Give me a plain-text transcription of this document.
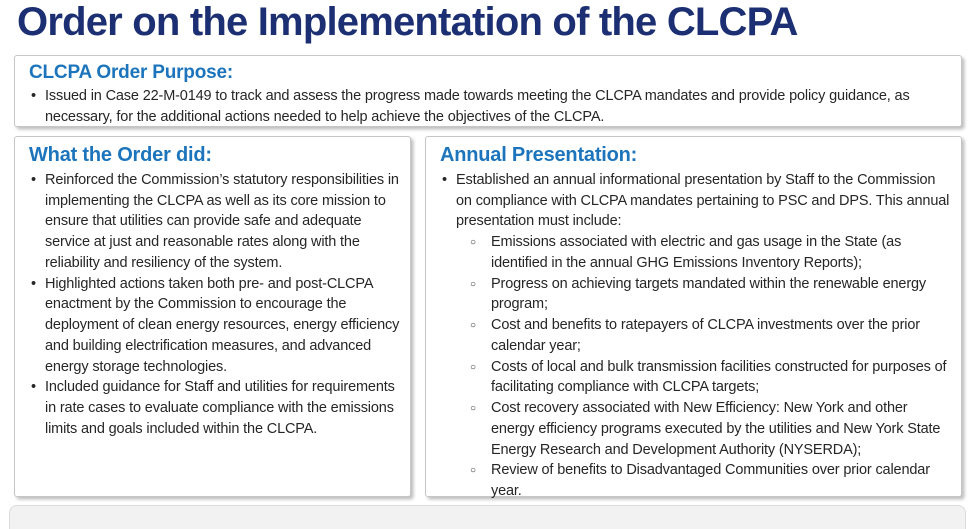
Order on the Implementation of the CLCPA
CLCPA Order Purpose:
• Issued in Case 22-M-0149 to track and assess the progress made towards meeting the CLCPA mandates and provide policy guidance, as necessary, for the additional actions needed to help achieve the objectives of the CLCPA.
What the Order did:
• Reinforced the Commission’s statutory responsibilities in implementing the CLCPA as well as its core mission to ensure that utilities can provide safe and adequate service at just and reasonable rates along with the reliability and resiliency of the system.
• Highlighted actions taken both pre- and post-CLCPA enactment by the Commission to encourage the deployment of clean energy resources, energy efficiency and building electrification measures, and advanced energy storage technologies.
• Included guidance for Staff and utilities for requirements in rate cases to evaluate compliance with the emissions limits and goals included within the CLCPA.
Annual Presentation:
• Established an annual informational presentation by Staff to the Commission on compliance with CLCPA mandates pertaining to PSC and DPS. This annual presentation must include:
○ Emissions associated with electric and gas usage in the State (as identified in the annual GHG Emissions Inventory Reports);
○ Progress on achieving targets mandated within the renewable energy program;
○ Cost and benefits to ratepayers of CLCPA investments over the prior calendar year;
○ Costs of local and bulk transmission facilities constructed for purposes of facilitating compliance with CLCPA targets;
○ Cost recovery associated with New Efficiency: New York and other energy efficiency programs executed by the utilities and New York State Energy Research and Development Authority (NYSERDA);
○ Review of benefits to Disadvantaged Communities over prior calendar year.
